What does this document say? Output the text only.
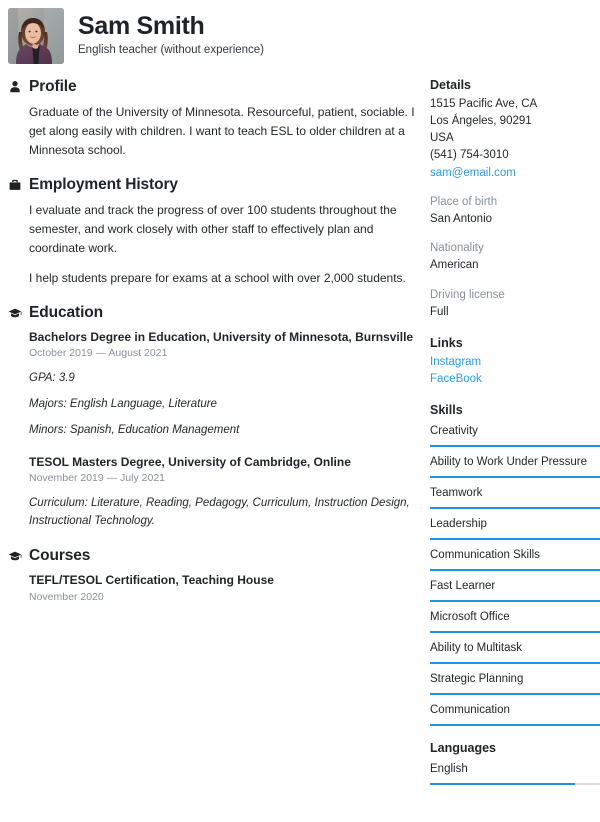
Sam Smith
English teacher (without experience)
Profile
Graduate of the University of Minnesota. Resourceful, patient, sociable. I get along easily with children. I want to teach ESL to older children at a Minnesota school.
Employment History
I evaluate and track the progress of over 100 students throughout the semester, and work closely with other staff to effectively plan and coordinate work.
I help students prepare for exams at a school with over 2,000 students.
Education
Bachelors Degree in Education, University of Minnesota, Burnsville
October 2019 — August 2021
GPA: 3.9
Majors: English Language, Literature
Minors: Spanish, Education Management
TESOL Masters Degree, University of Cambridge, Online
November 2019 — July 2021
Curriculum: Literature, Reading, Pedagogy, Curriculum, Instruction Design, Instructional Technology.
Courses
TEFL/TESOL Certification, Teaching House
November 2020
Details
1515 Pacific Ave, CA
Los Ángeles, 90291
USA
(541) 754-3010
sam@email.com
Place of birth
San Antonio
Nationality
American
Driving license
Full
Links
Instagram
FaceBook
Skills
Creativity
Ability to Work Under Pressure
Teamwork
Leadership
Communication Skills
Fast Learner
Microsoft Office
Ability to Multitask
Strategic Planning
Communication
Languages
English
